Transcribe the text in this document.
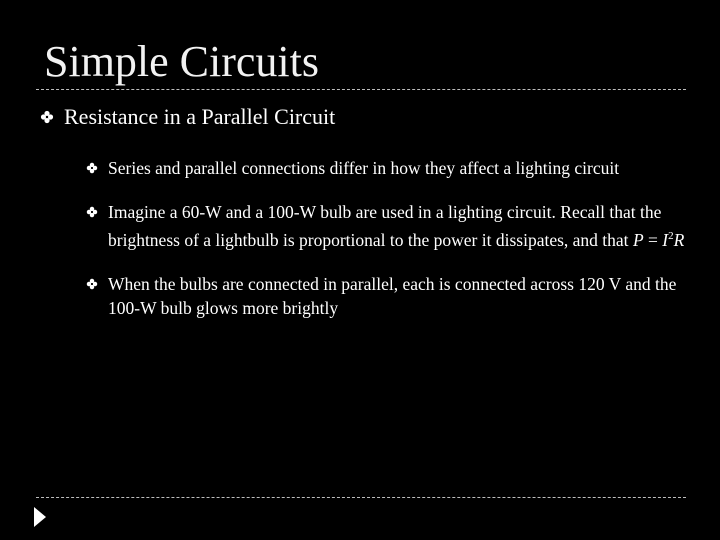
Simple Circuits
Resistance in a Parallel Circuit
Series and parallel connections differ in how they affect a lighting circuit
Imagine a 60-W and a 100-W bulb are used in a lighting circuit. Recall that the brightness of a lightbulb is proportional to the power it dissipates, and that $P = I^2R$
When the bulbs are connected in parallel, each is connected across 120 V and the 100-W bulb glows more brightly
